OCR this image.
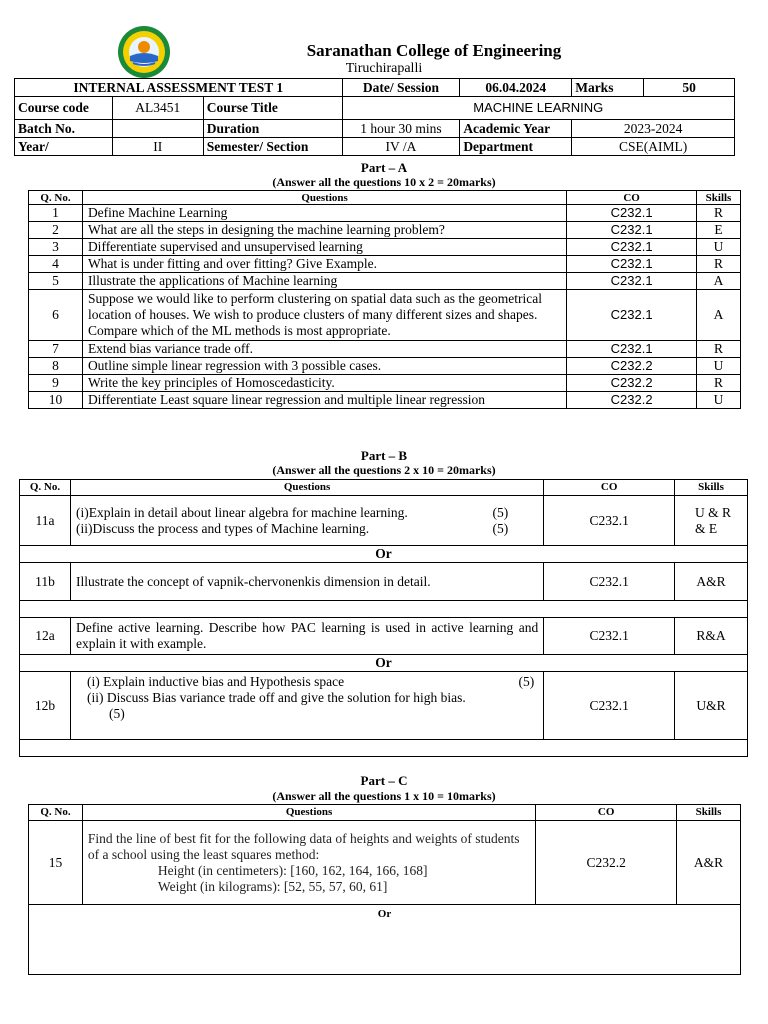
Saranathan College of Engineering
Tiruchirapalli
INTERNAL ASSESSMENT TEST 1			Date/ Session	06.04.2024	Marks	50
Course code	AL3451	Course Title	MACHINE LEARNING			
Batch No.		Duration	1 hour 30 mins	Academic Year	2023-2024	
Year/	II	Semester/ Section	IV /A	Department	CSE(AIML)	
Part – A
(Answer all the questions 10 x 2 = 20marks)
Q. No.	Questions	CO	Skills
1	Define Machine Learning	C232.1	R
2	What are all the steps in designing the machine learning problem?	C232.1	E
3	Differentiate supervised and unsupervised learning	C232.1	U
4	What is under fitting and over fitting? Give Example.	C232.1	R
5	Illustrate the applications of Machine learning	C232.1	A
6	Suppose we would like to perform clustering on spatial data such as the geometrical location of houses. We wish to produce clusters of many different sizes and shapes. Compare which of the ML methods is most appropriate.	C232.1	A
7	Extend bias variance trade off.	C232.1	R
8	Outline simple linear regression with 3 possible cases.	C232.2	U
9	Write the key principles of Homoscedasticity.	C232.2	R
10	Differentiate Least square linear regression and multiple linear regression	C232.2	U
Part – B
(Answer all the questions 2 x 10 = 20marks)
Q. No.	Questions	CO	Skills
11a	(i)Explain in detail about linear algebra for machine learning. (5)
(ii)Discuss the process and types of Machine learning. (5)	C232.1	U & R & E
Or			
11b	Illustrate the concept of vapnik-chervonenkis dimension in detail.	C232.1	A&R

12a	Define active learning. Describe how PAC learning is used in active learning and explain it with example.	C232.1	R&A
Or			
12b	(i) Explain inductive bias and Hypothesis space (5)
(ii) Discuss Bias variance trade off and give the solution for high bias.
(5)	C232.1	U&R

Part – C
(Answer all the questions 1 x 10 = 10marks)
Q. No.	Questions	CO	Skills
15	Find the line of best fit for the following data of heights and weights of students of a school using the least squares method:
Height (in centimeters): [160, 162, 164, 166, 168]
Weight (in kilograms): [52, 55, 57, 60, 61]	C232.2	A&R
Or			
